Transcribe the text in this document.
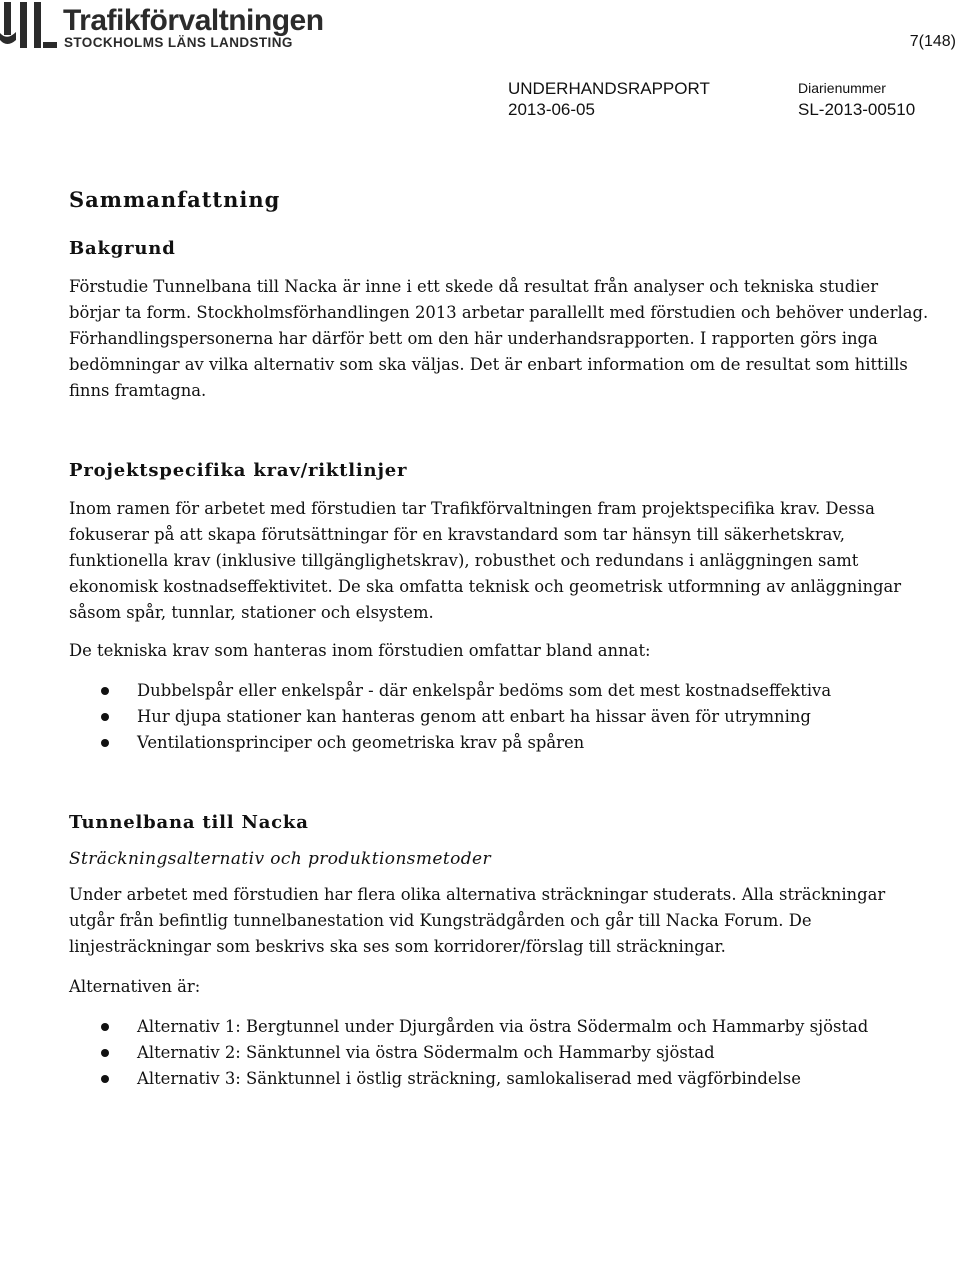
Trafikförvaltningen
STOCKHOLMS LÄNS LANDSTING	7(148)
UNDERHANDSRAPPORT
2013-06-05
Diarienummer
SL-2013-00510
Sammanfattning
Bakgrund

Förstudie Tunnelbana till Nacka är inne i ett skede då resultat från analyser och tekniska studier börjar ta form. Stockholmsförhandlingen 2013 arbetar parallellt med förstudien och behöver underlag. Förhandlingspersonerna har därför bett om den här underhandsrapporten. I rapporten görs inga bedömningar av vilka alternativ som ska väljas. Det är enbart information om de resultat som hittills finns framtagna.

Projektspecifika krav/riktlinjer

Inom ramen för arbetet med förstudien tar Trafikförvaltningen fram projektspecifika krav. Dessa fokuserar på att skapa förutsättningar för en kravstandard som tar hänsyn till säkerhetskrav, funktionella krav (inklusive tillgänglighetskrav), robusthet och redundans i anläggningen samt ekonomisk kostnadseffektivitet. De ska omfatta teknisk och geometrisk utformning av anläggningar såsom spår, tunnlar, stationer och elsystem.

De tekniska krav som hanteras inom förstudien omfattar bland annat:

Dubbelspår eller enkelspår - där enkelspår bedöms som det mest kostnadseffektiva
Hur djupa stationer kan hanteras genom att enbart ha hissar även för utrymning
Ventilationsprinciper och geometriska krav på spåren
Tunnelbana till Nacka

Sträckningsalternativ och produktionsmetoder

Under arbetet med förstudien har flera olika alternativa sträckningar studerats. Alla sträckningar utgår från befintlig tunnelbanestation vid Kungsträdgården och går till Nacka Forum. De linjesträckningar som beskrivs ska ses som korridorer/förslag till sträckningar.

Alternativen är:

Alternativ 1: Bergtunnel under Djurgården via östra Södermalm och Hammarby sjöstad
Alternativ 2: Sänktunnel via östra Södermalm och Hammarby sjöstad
Alternativ 3: Sänktunnel i östlig sträckning, samlokaliserad med vägförbindelse
